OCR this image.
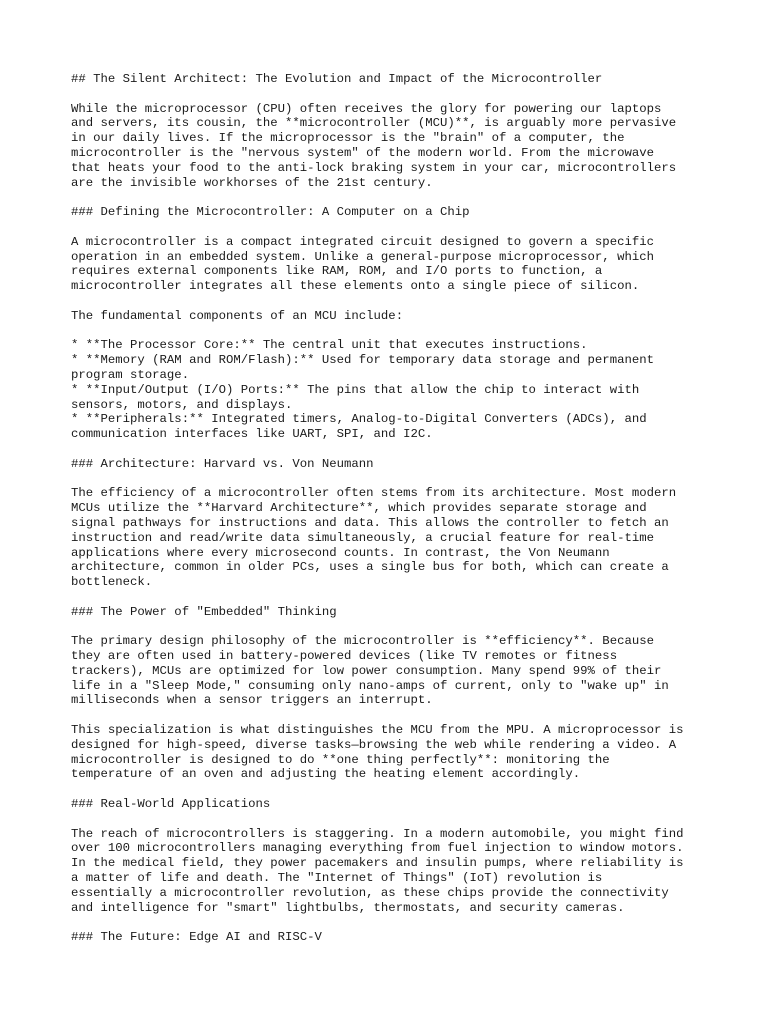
## The Silent Architect: The Evolution and Impact of the Microcontroller
While the microprocessor (CPU) often receives the glory for powering our laptops
and servers, its cousin, the **microcontroller (MCU)**, is arguably more pervasive
in our daily lives. If the microprocessor is the "brain" of a computer, the
microcontroller is the "nervous system" of the modern world. From the microwave
that heats your food to the anti-lock braking system in your car, microcontrollers
are the invisible workhorses of the 21st century.
### Defining the Microcontroller: A Computer on a Chip
A microcontroller is a compact integrated circuit designed to govern a specific
operation in an embedded system. Unlike a general-purpose microprocessor, which
requires external components like RAM, ROM, and I/O ports to function, a
microcontroller integrates all these elements onto a single piece of silicon.
The fundamental components of an MCU include:
* **The Processor Core:** The central unit that executes instructions.
* **Memory (RAM and ROM/Flash):** Used for temporary data storage and permanent
program storage.
* **Input/Output (I/O) Ports:** The pins that allow the chip to interact with
sensors, motors, and displays.
* **Peripherals:** Integrated timers, Analog-to-Digital Converters (ADCs), and
communication interfaces like UART, SPI, and I2C.
### Architecture: Harvard vs. Von Neumann
The efficiency of a microcontroller often stems from its architecture. Most modern
MCUs utilize the **Harvard Architecture**, which provides separate storage and
signal pathways for instructions and data. This allows the controller to fetch an
instruction and read/write data simultaneously, a crucial feature for real-time
applications where every microsecond counts. In contrast, the Von Neumann
architecture, common in older PCs, uses a single bus for both, which can create a
bottleneck.
### The Power of "Embedded" Thinking
The primary design philosophy of the microcontroller is **efficiency**. Because
they are often used in battery-powered devices (like TV remotes or fitness
trackers), MCUs are optimized for low power consumption. Many spend 99% of their
life in a "Sleep Mode," consuming only nano-amps of current, only to "wake up" in
milliseconds when a sensor triggers an interrupt.
This specialization is what distinguishes the MCU from the MPU. A microprocessor is
designed for high-speed, diverse tasks—browsing the web while rendering a video. A
microcontroller is designed to do **one thing perfectly**: monitoring the
temperature of an oven and adjusting the heating element accordingly.
### Real-World Applications
The reach of microcontrollers is staggering. In a modern automobile, you might find
over 100 microcontrollers managing everything from fuel injection to window motors.
In the medical field, they power pacemakers and insulin pumps, where reliability is
a matter of life and death. The "Internet of Things" (IoT) revolution is
essentially a microcontroller revolution, as these chips provide the connectivity
and intelligence for "smart" lightbulbs, thermostats, and security cameras.
### The Future: Edge AI and RISC-V
